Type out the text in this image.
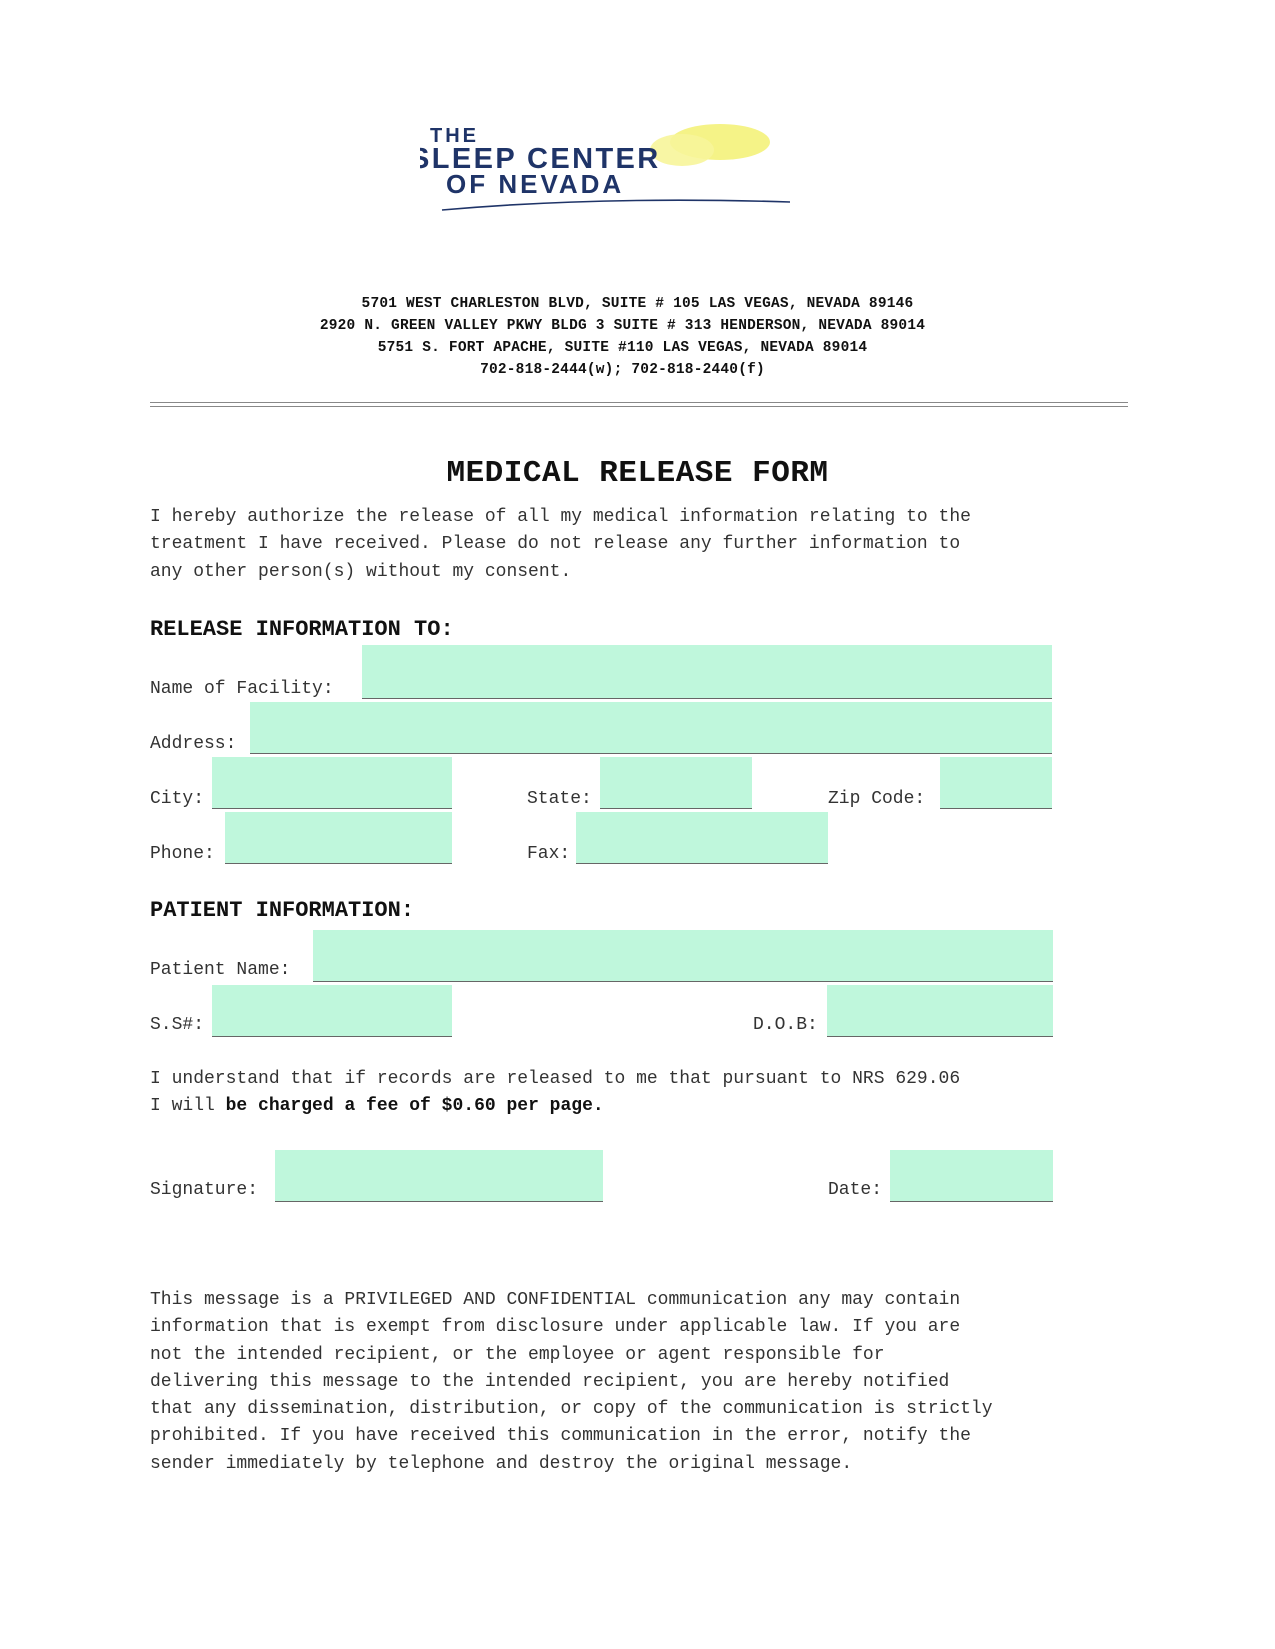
THE
SLEEP CENTER
OF NEVADA
5701 WEST CHARLESTON BLVD, SUITE # 105 LAS VEGAS, NEVADA 89146
2920 N. GREEN VALLEY PKWY BLDG 3 SUITE # 313 HENDERSON, NEVADA 89014
5751 S. FORT APACHE, SUITE #110 LAS VEGAS, NEVADA 89014
702-818-2444(w); 702-818-2440(f)
MEDICAL RELEASE FORM
I hereby authorize the release of all my medical information relating to the
treatment I have received. Please do not release any further information to
any other person(s) without my consent.
RELEASE INFORMATION TO:
Name of Facility:
Address:
City:	State:	Zip Code:
Phone:	Fax:
PATIENT INFORMATION:
Patient Name:
S.S#:	D.O.B:
I understand that if records are released to me that pursuant to NRS 629.06
I will be charged a fee of $0.60 per page.
Signature:	Date:
This message is a PRIVILEGED AND CONFIDENTIAL communication any may contain
information that is exempt from disclosure under applicable law. If you are
not the intended recipient, or the employee or agent responsible for
delivering this message to the intended recipient, you are hereby notified
that any dissemination, distribution, or copy of the communication is strictly
prohibited. If you have received this communication in the error, notify the
sender immediately by telephone and destroy the original message.
